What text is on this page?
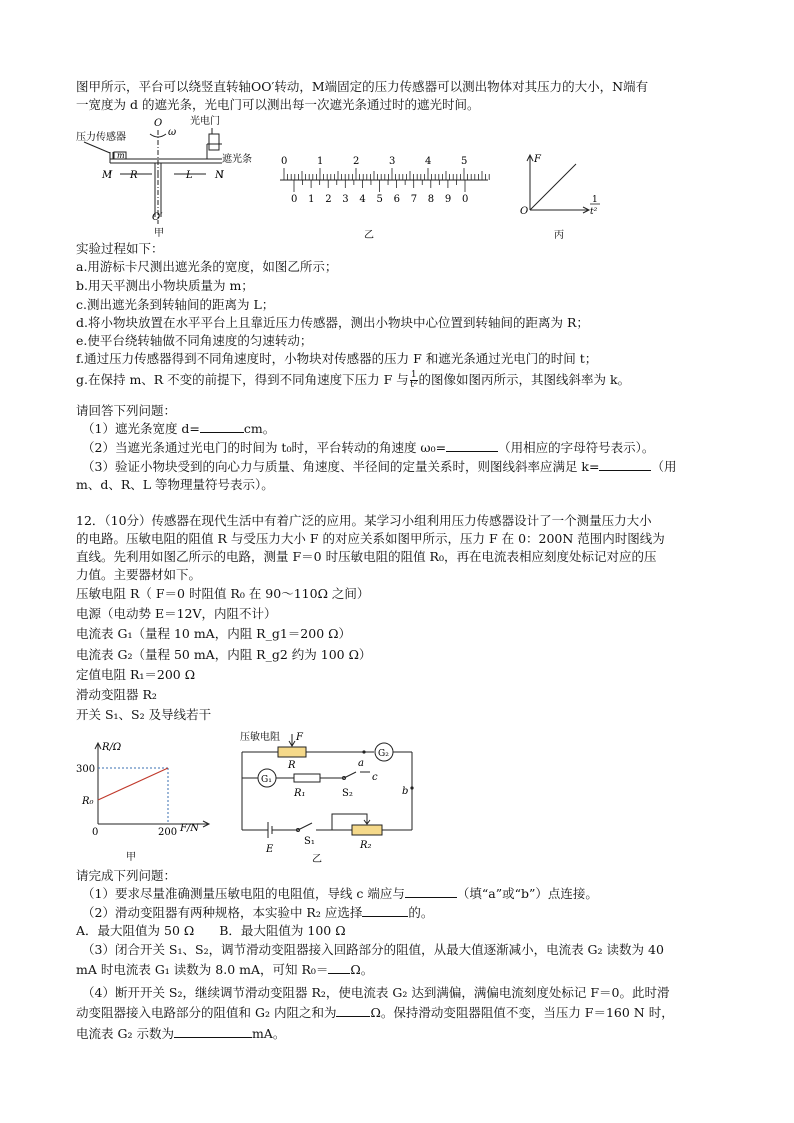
图甲所示，平台可以绕竖直转轴OO′转动，M端固定的压力传感器可以测出物体对其压力的大小，N端有
一宽度为 d 的遮光条，光电门可以测出每一次遮光条通过时的遮光时间。
压力传感器
光电门
遮光条
O
ω
m
M R	L N
O′
甲
0	1	2	3	4	5
0 1 2 3 4 5 6 7 8 9 0
乙
F
O
1
t²
丙
实验过程如下：
a.用游标卡尺测出遮光条的宽度，如图乙所示；
b.用天平测出小物块质量为 m；
c.测出遮光条到转轴间的距离为 L；
d.将小物块放置在水平平台上且靠近压力传感器，测出小物块中心位置到转轴间的距离为 R；
e.使平台绕转轴做不同角速度的匀速转动；
f.通过压力传感器得到不同角速度时，小物块对传感器的压力 F 和遮光条通过光电门的时间 t；
g.在保持 m、R 不变的前提下，得到不同角速度下压力 F 与 $\frac{1}{\text{t²}}$ 的图像如图丙所示，其图线斜率为 k。
请回答下列问题：
（1）遮光条宽度 d=	cm。
（2）当遮光条通过光电门的时间为 t₀时，平台转动的角速度 ω₀=	（用相应的字母符号表示）。
（3）验证小物块受到的向心力与质量、角速度、半径间的定量关系时，则图线斜率应满足 k=	（用
m、d、R、L 等物理量符号表示）。
12．（10分）传感器在现代生活中有着广泛的应用。某学习小组利用压力传感器设计了一个测量压力大小
的电路。压敏电阻的阻值 R 与受压力大小 F 的对应关系如图甲所示，压力 F 在 0：200N 范围内时图线为
直线。先利用如图乙所示的电路，测量 F＝0 时压敏电阻的阻值 R₀，再在电流表相应刻度处标记对应的压
力值。主要器材如下。
压敏电阻 R（ F＝0 时阻值 R₀ 在 90～110Ω 之间）
电源（电动势 E＝12V，内阻不计）
电流表 G₁（量程 10 mA，内阻 R_g1＝200 Ω）
电流表 G₂（量程 50 mA，内阻 R_g2 约为 100 Ω）
定值电阻 R₁＝200 Ω
滑动变阻器 R₂
开关 S₁、S₂ 及导线若干
R/Ω
300
R₀
0	200 F/N
甲
压敏电阻 F
R	a
G₂
G₁
R₁	S₂
c
b
E
S₁	R₂
乙
请完成下列问题：
（1）要求尽量准确测量压敏电阻的电阻值，导线 c 端应与	（填“a”或“b”）点连接。
（2）滑动变阻器有两种规格，本实验中 R₂ 应选择	的。
A．最大阻值为 50 Ω　　B．最大阻值为 100 Ω
（3）闭合开关 S₁、S₂，调节滑动变阻器接入回路部分的阻值，从最大值逐渐减小，电流表 G₂ 读数为 40
mA 时电流表 G₁ 读数为 8.0 mA，可知 R₀＝ Ω。
（4）断开开关 S₂，继续调节滑动变阻器 R₂，使电流表 G₂ 达到满偏，满偏电流刻度处标记 F＝0。此时滑
动变阻器接入电路部分的阻值和 G₂ 内阻之和为	Ω。保持滑动变阻器阻值不变，当压力 F＝160 N 时，
电流表 G₂ 示数为	mA。
